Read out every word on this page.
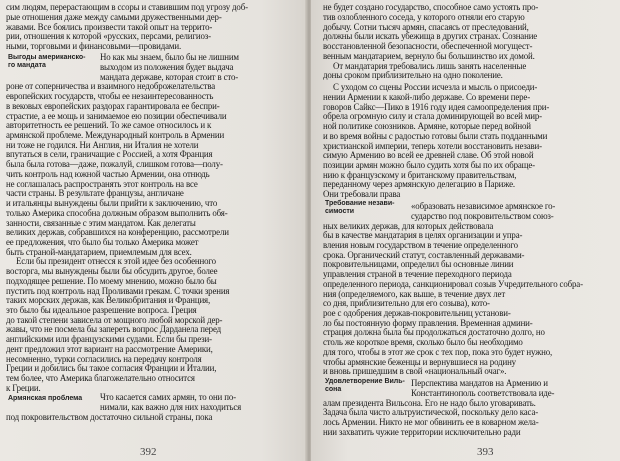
сим людям, перерастающим в ссоры и ставившим под угрозу доб-
рые отношения даже между самыми дружественными дер-
жавами. Все боялись произвести такой опыт на террито-
рии, отношения к которой «русских, персами, религиоз-
ными, торговыми и финансовыми—провидами.
Но как мы знаем, было бы не лишним
выходом из положения будет выдача
мандата державе, которая стоит в сто-
роне от соперничества и взаимного недоброжелательства
европейских государств, чтобы ее незаинтересованность
в вековых европейских раздорах гарантировала ее беспри-
страстие, а ее мощь и занимаемое ею позиции обеспечивали
авторитетность ее решений. То же самое относилось и к
армянской проблеме. Международный контроль в Армении
ни тоже не годился. Ни Англия, ни Италия не хотели
впутаться в сели, граничащие с Россией, а хотя Франция
была была готова—даже, пожалуй, слишком готова—полу-
чить контроль над южной частью Армении, она отнюдь
не соглашалась распространять этот контроль на все
части страны. В результате французы, англичане
и итальянцы вынуждены были прийти к заключению, что
только Америка способна должным образом выполнить обя-
занности, связанные с этим мандатом. Как делегаты
великих держав, собравшихся на конференцию, рассмотрели
ее предложения, что было бы только Америка может
быть страной-мандатарием, приемлемым для всех.
Если бы президент отнесся к этой идее без особенного
восторга, мы вынуждены были бы обсудить другое, более
подходящее решение. По моему мнению, можно было бы
пустить под контроль над Проливами грекам. С точки зрения
таких морских держав, как Великобритания и Франция,
это было бы идеальное разрешение вопроса. Греция
до такой степени зависела от мощного любой морской дер-
жавы, что не посмела бы запереть вопрос Дарданела перед
английскими или французскими судами. Если бы прези-
дент предложил этот вариант на рассмотрение Америки,
несомненно, турки согласились на передачу контроля
Греции и добились бы такое согласия Франции и Италии,
тем более, что Америка благожелательно относится
к Греции.
Что касается самих армян, то они по-
нимали, как важно для них находиться
под покровительством достаточно сильной страны, пока
Выгоды американско-
го мандата
Армянская проблема
392
не будет создано государство, способное само устоять про-
тив озлобленного соседа, у которого отняли его старую
добычу. Сотни тысяч армян, спасаясь от преследований,
должны были искать убежища в других странах. Сознание
восстановленной безопасности, обеспеченной могущест-
венным мандатарием, вернуло бы большинство их домой.
От мандатария требовались лишь занять населенные
доны сроком приблизительно на одно поколение.
С уходом со сцены России исчезла и мысль о присоеди-
нении Армении к какой-либо державе. Со времени пере-
говоров Сайкс—Пико в 1916 году идея самоопределения при-
обрела огромную силу и стала доминирующей во всей мир-
ной политике союзников. Армяне, которые перед войной
и во время войны с радостью готовы были стать подданными
христианской империи, теперь хотели восстановить незави-
симую Армению во всей ее древней славе. Об этой новой
позиции армян можно было судить хотя бы по их обраще-
нию к французскому и британскому правительствам,
переданному через армянскую делегацию в Париже.
Они требовали права
«образовать независимое армянское го-
сударство под покровительством союз-
ных великих держав, для которых действовала
бы в качестве мандатария в целях организации и упра-
вления новым государством в течение определенного
срока. Органический статут, составленный державами-
покровительницами, определил бы основные линии
управления страной в течение переходного периода
определенного периода, санкционировал созыв Учредительного собра-
ния (определяемого, как выше, в течение двух лет
со дня, приблизительно для его созыва), кото-
рое с одобрения держав-покровительниц установи-
ло бы постоянную форму правления. Временная админи-
страция должна была бы продолжаться достаточно долго, но
столь же короткое время, сколько было бы необходимо
для того, чтобы в этот же срок с тех пор, пока это будет нужно,
чтобы армянские беженцы и вернувшиеся на родину
и вновь пришедшим в свой «национальный очаг».
Перспектива мандатов на Армению и
Константинополь соответствовала иде-
алам президента Вильсона. Его не надо было уговаривать.
Задача была чисто альтруистической, поскольку дело каса-
лось Армении. Никто не мог обвинить ее в коварном жела-
нии захватить чужие территории исключительно ради
Требование незави-
симости
Удовлетворение Виль-
сона
393
